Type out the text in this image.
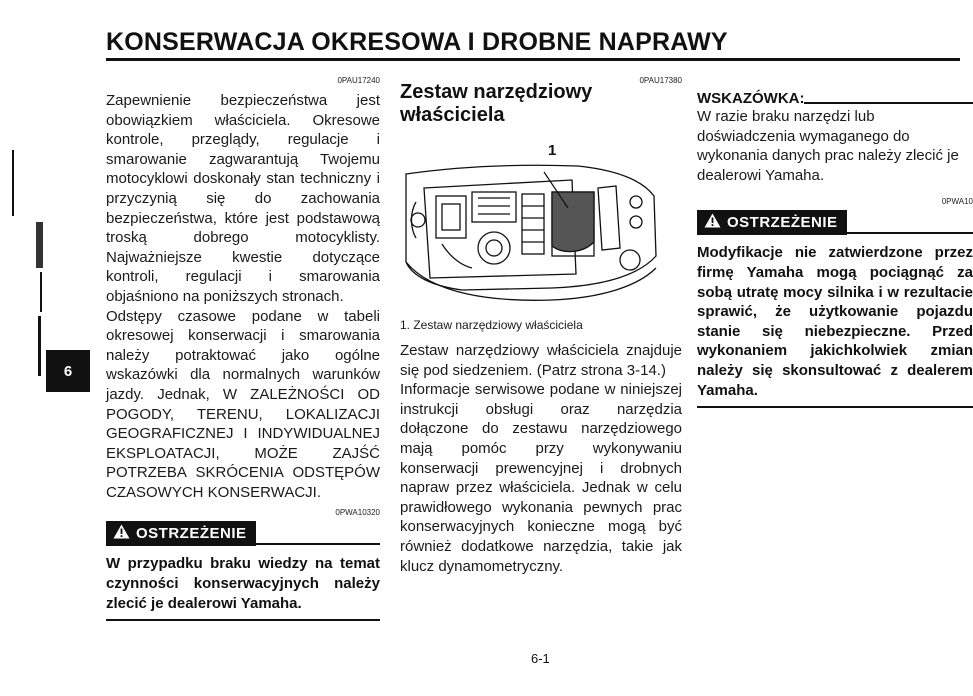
KONSERWACJA OKRESOWA I DROBNE NAPRAWY
6
0PAU17240

Zapewnienie bezpieczeństwa jest obowiązkiem właściciela. Okresowe kontrole, przeglądy, regulacje i smarowanie zagwarantują Twojemu motocyklowi doskonały stan techniczny i przyczynią się do zachowania bezpieczeństwa, które jest podstawową troską dobrego motocyklisty. Najważniejsze kwestie dotyczące kontroli, regulacji i smarowania objaśniono na poniższych stronach.

Odstępy czasowe podane w tabeli okresowej konserwacji i smarowania należy potraktować jako ogólne wskazówki dla normalnych warunków jazdy. Jednak, W ZALEŻNOŚCI OD POGODY, TERENU, LOKALIZACJI GEOGRAFICZNEJ I INDYWIDUALNEJ EKSPLOATACJI, MOŻE ZAJŚĆ POTRZEBA SKRÓCENIA ODSTĘPÓW CZASOWYCH KONSERWACJI.

0PWA10320
OSTRZEŻENIE

W przypadku braku wiedzy na temat czynności konserwacyjnych należy zlecić je dealerowi Yamaha.

0PAU17380

Zestaw narzędziowy

właściciela

1
1. Zestaw narzędziowy właściciela

Zestaw narzędziowy właściciela znajduje się pod siedzeniem. (Patrz strona 3-14.)

Informacje serwisowe podane w niniejszej instrukcji obsługi oraz narzędzia dołączone do zestawu narzędziowego mają pomóc przy wykonywaniu konserwacji prewencyjnej i drobnych napraw przez właściciela. Jednak w celu prawidłowego wykonania pewnych prac konserwacyjnych konieczne mogą być również dodatkowe narzędzia, takie jak klucz dynamometryczny.

WSKAZÓWKA:

W razie braku narzędzi lub doświadczenia wymaganego do wykonania danych prac należy zlecić je dealerowi Yamaha.

0PWA10
OSTRZEŻENIE

Modyfikacje nie zatwierdzone przez firmę Yamaha mogą pociągnąć za sobą utratę mocy silnika i w rezultacie sprawić, że użytkowanie pojazdu stanie się niebezpieczne. Przed wykonaniem jakichkolwiek zmian należy się skonsultować z dealerem Yamaha.

6-1
